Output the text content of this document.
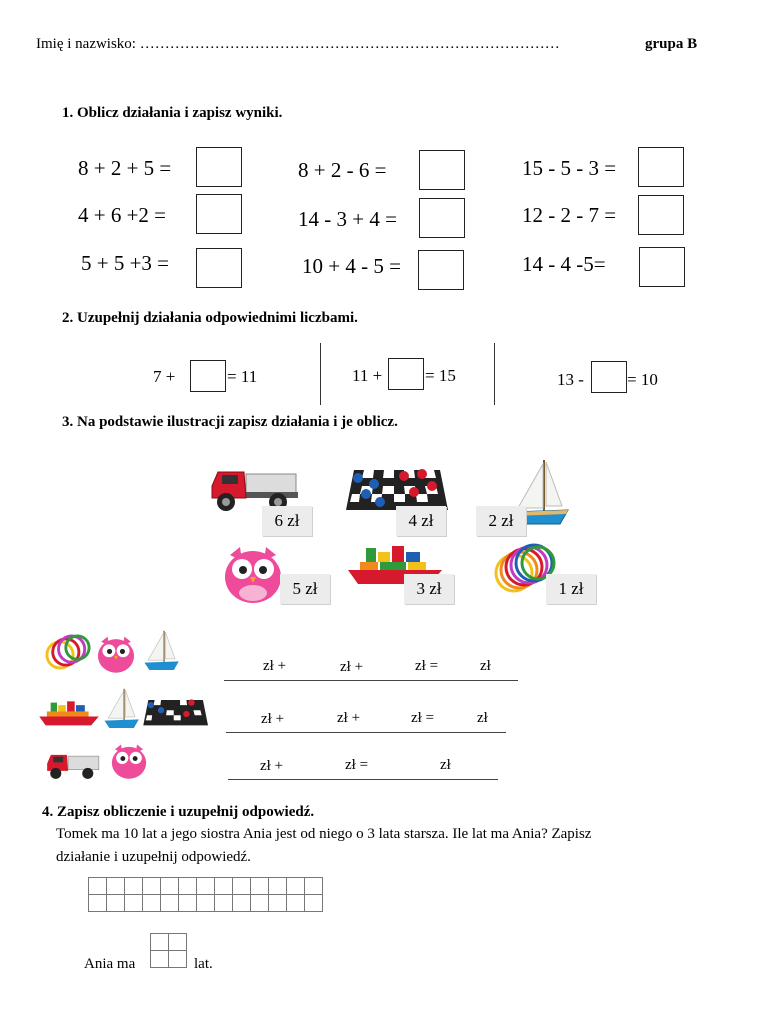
Imię i nazwisko: …………………………………………………………………………	grupa B
1. Oblicz działania i zapisz wyniki.
8 + 2 + 5 =	8 + 2 - 6 =	15 - 5 - 3 =
4 + 6 +2 =	14 - 3 + 4 =	12 - 2 - 7 =
5 + 5 +3 =	10 + 4 - 5 =	14 - 4 -5=
2. Uzupełnij działania odpowiednimi liczbami.
7 +	= 11	11 +	= 15	13 -	= 10
3. Na podstawie ilustracji zapisz działania i je oblicz.
6 zł	4 zł	2 zł
5 zł	3 zł	1 zł
zł +	zł +	zł =	zł
zł +	zł +	zł =	zł
zł +	zł =	zł
4. Zapisz obliczenie i uzupełnij odpowiedź.
Tomek ma 10 lat a jego siostra Ania jest od niego o 3 lata starsza. Ile lat ma Ania? Zapisz
działanie i uzupełnij odpowiedź.

Ania ma

		lat.
